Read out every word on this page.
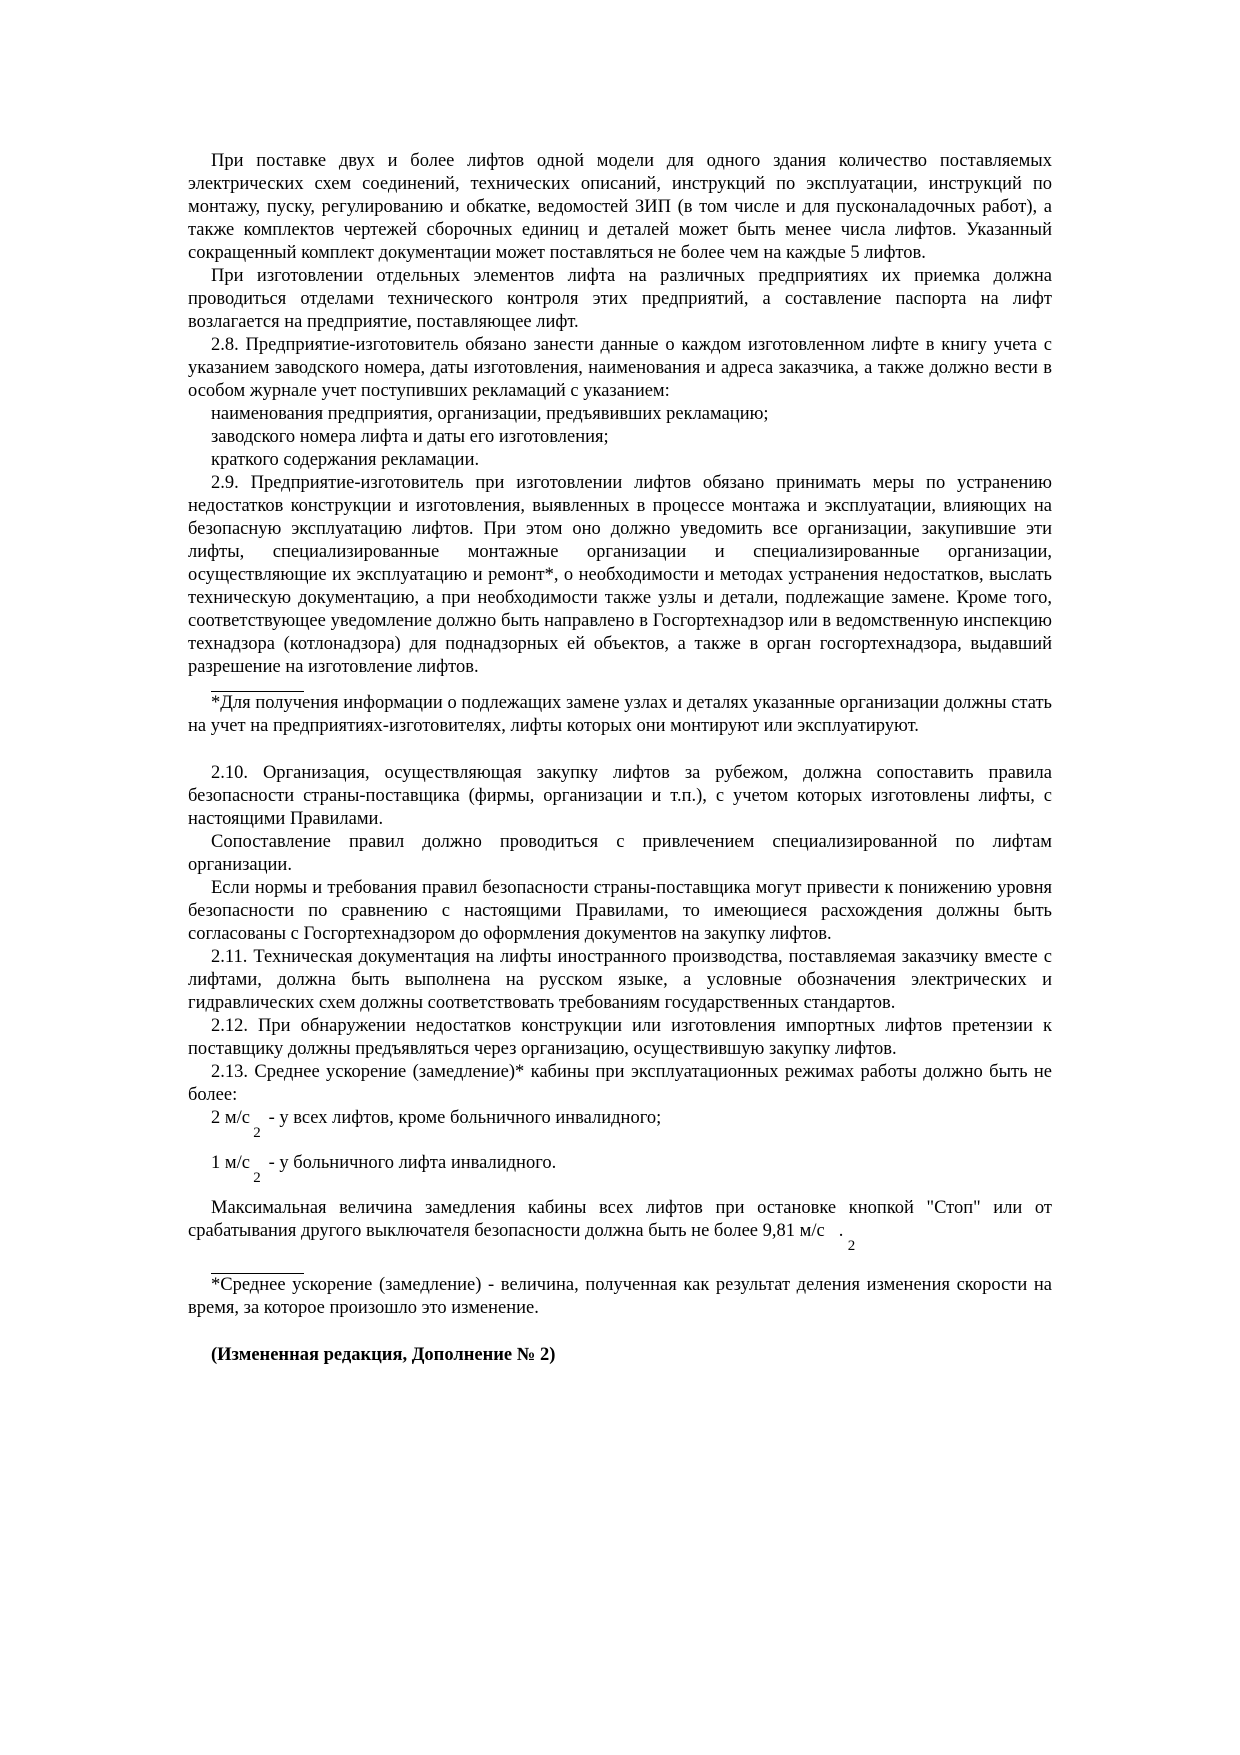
При поставке двух и более лифтов одной модели для одного здания количество поставляемых электрических схем соединений, технических описаний, инструкций по эксплуатации, инструкций по монтажу, пуску, регулированию и обкатке, ведомостей ЗИП (в том числе и для пусконаладочных работ), а также комплектов чертежей сборочных единиц и деталей может быть менее числа лифтов. Указанный сокращенный комплект документации может поставляться не более чем на каждые 5 лифтов.

При изготовлении отдельных элементов лифта на различных предприятиях их приемка должна проводиться отделами технического контроля этих предприятий, а составление паспорта на лифт возлагается на предприятие, поставляющее лифт.

2.8. Предприятие-изготовитель обязано занести данные о каждом изготовленном лифте в книгу учета с указанием заводского номера, даты изготовления, наименования и адреса заказчика, а также должно вести в особом журнале учет поступивших рекламаций с указанием:

наименования предприятия, организации, предъявивших рекламацию;

заводского номера лифта и даты его изготовления;

краткого содержания рекламации.

2.9. Предприятие-изготовитель при изготовлении лифтов обязано принимать меры по устранению недостатков конструкции и изготовления, выявленных в процессе монтажа и эксплуатации, влияющих на безопасную эксплуатацию лифтов. При этом оно должно уведомить все организации, закупившие эти лифты, специализированные монтажные организации и специализированные организации, осуществляющие их эксплуатацию и ремонт*, о необходимости и методах устранения недостатков, выслать техническую документацию, а при необходимости также узлы и детали, подлежащие замене. Кроме того, соответствующее уведомление должно быть направлено в Госгортехнадзор или в ведомственную инспекцию технадзора (котлонадзора) для поднадзорных ей объектов, а также в орган госгортехнадзора, выдавший разрешение на изготовление лифтов.

*Для получения информации о подлежащих замене узлах и деталях указанные организации должны стать на учет на предприятиях-изготовителях, лифты которых они монтируют или эксплуатируют.

2.10. Организация, осуществляющая закупку лифтов за рубежом, должна сопоставить правила безопасности страны-поставщика (фирмы, организации и т.п.), с учетом которых изготовлены лифты, с настоящими Правилами.

Сопоставление правил должно проводиться с привлечением специализированной по лифтам организации.

Если нормы и требования правил безопасности страны-поставщика могут привести к понижению уровня безопасности по сравнению с настоящими Правилами, то имеющиеся расхождения должны быть согласованы с Госгортехнадзором до оформления документов на закупку лифтов.

2.11. Техническая документация на лифты иностранного производства, поставляемая заказчику вместе с лифтами, должна быть выполнена на русском языке, а условные обозначения электрических и гидравлических схем должны соответствовать требованиям государственных стандартов.

2.12. При обнаружении недостатков конструкции или изготовления импортных лифтов претензии к поставщику должны предъявляться через организацию, осуществившую закупку лифтов.

2.13. Среднее ускорение (замедление)* кабины при эксплуатационных режимах работы должно быть не более:

2 м/с2 - у всех лифтов, кроме больничного инвалидного;

1 м/с2 - у больничного лифта инвалидного.

Максимальная величина замедления кабины всех лифтов при остановке кнопкой "Стоп" или от срабатывания другого выключателя безопасности должна быть не более 9,81 м/с2.

*Среднее ускорение (замедление) - величина, полученная как результат деления изменения скорости на время, за которое произошло это изменение.

(Измененная редакция, Дополнение № 2)
